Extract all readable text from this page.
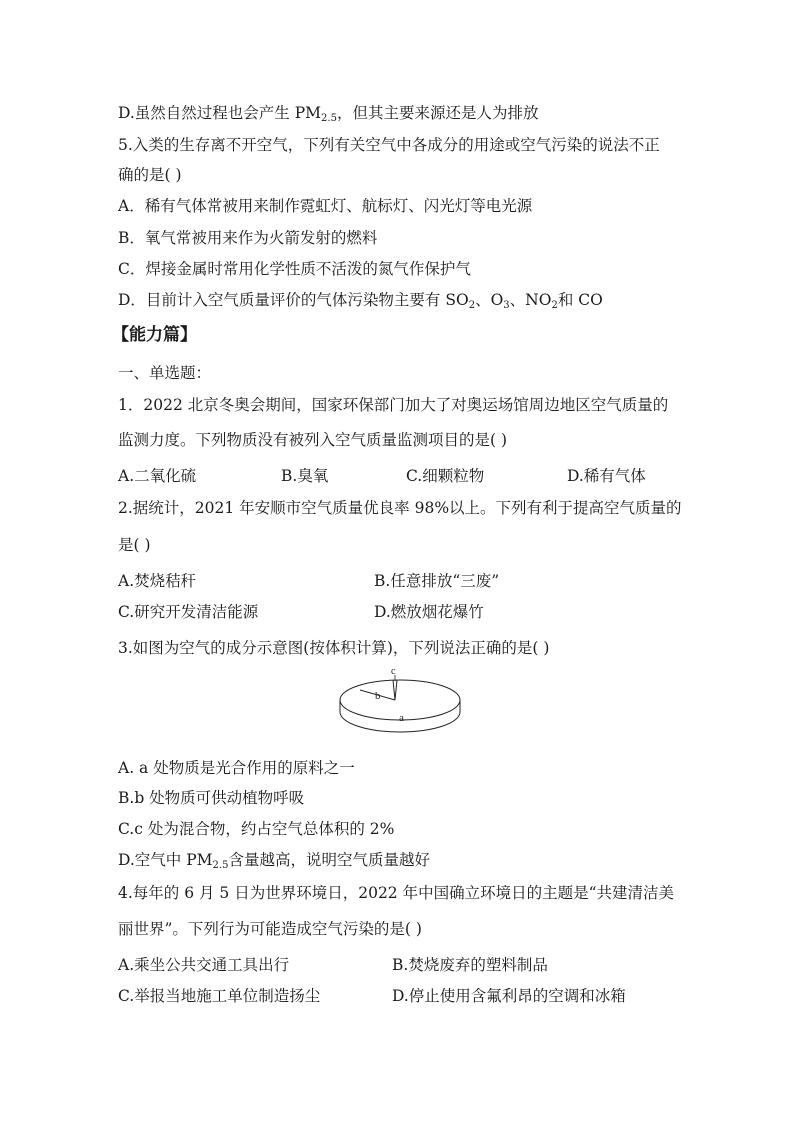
D.虽然自然过程也会产生 $PM_{2.5}$，但其主要来源还是人为排放
5.入类的生存离不开空气，下列有关空气中各成分的用途或空气污染的说法不正
确的是( )
A．稀有气体常被用来制作霓虹灯、航标灯、闪光灯等电光源
B．氧气常被用来作为火箭发射的燃料
C．焊接金属时常用化学性质不活泼的氮气作保护气
D．目前计入空气质量评价的气体污染物主要有 $SO_2$、$O_3$、$NO_2$和 CO
【能力篇】
一、单选题：
1．2022 北京冬奥会期间，国家环保部门加大了对奥运场馆周边地区空气质量的
监测力度。下列物质没有被列入空气质量监测项目的是( )
A.二氧化硫	B.臭氧	C.细颗粒物	D.稀有气体
2.据统计，2021 年安顺市空气质量优良率 98%以上。下列有利于提高空气质量的
是( )
A.焚烧秸秆	B.任意排放“三废”
C.研究开发清洁能源	D.燃放烟花爆竹
3.如图为空气的成分示意图(按体积计算)，下列说法正确的是( )
c
b
a
A. a 处物质是光合作用的原料之一
B.b 处物质可供动植物呼吸
C.c 处为混合物，约占空气总体积的 2%
D.空气中 $PM_{2.5}$含量越高，说明空气质量越好
4.每年的 6 月 5 日为世界环境日，2022 年中国确立环境日的主题是“共建清洁美
丽世界”。下列行为可能造成空气污染的是( )
A.乘坐公共交通工具出行	B.焚烧废弃的塑料制品
C.举报当地施工单位制造扬尘	D.停止使用含氟利昂的空调和冰箱
